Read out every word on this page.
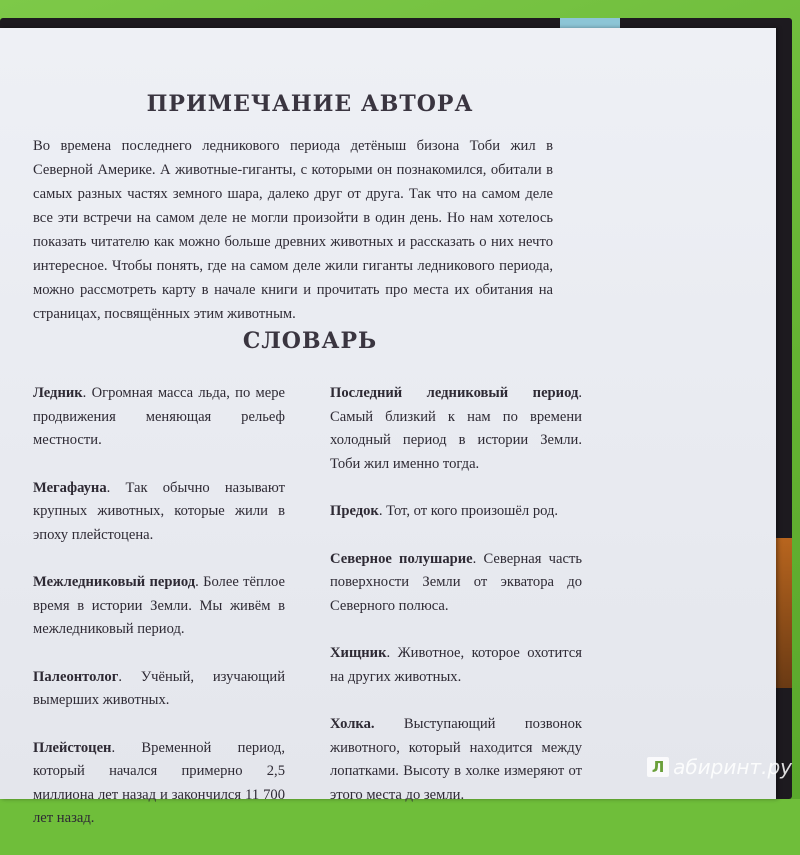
ПРИМЕЧАНИЕ АВТОРА
Во времена последнего ледникового периода детёныш бизона Тоби жил в Северной Америке. А животные-гиганты, с которыми он познакомился, обитали в самых разных частях земного шара, далеко друг от друга. Так что на самом деле все эти встречи на самом деле не могли произойти в один день. Но нам хотелось показать читателю как можно больше древних животных и рассказать о них нечто интересное. Чтобы понять, где на самом деле жили гиганты ледникового периода, можно рассмотреть карту в начале книги и прочитать про места их обитания на страницах, посвящённых этим животным.
СЛОВАРЬ

Ледник. Огромная масса льда, по мере продвижения меняющая рельеф местности.

Мегафауна. Так обычно называют крупных животных, которые жили в эпоху плейстоцена.

Межледниковый период. Более тёплое время в истории Земли. Мы живём в межледниковый период.

Палеонтолог. Учёный, изучающий вымерших животных.

Плейстоцен. Временной период, который начался примерно 2,5 миллиона лет назад и закончился 11 700 лет назад.

Последний ледниковый период. Самый близкий к нам по времени холодный период в истории Земли. Тоби жил именно тогда.

Предок. Тот, от кого произошёл род.

Северное полушарие. Северная часть поверхности Земли от экватора до Северного полюса.

Хищник. Животное, которое охотится на других животных.

Холка. Выступающий позвонок животного, который находится между лопатками. Высоту в холке измеряют от этого места до земли.

Л абиринт.ру
